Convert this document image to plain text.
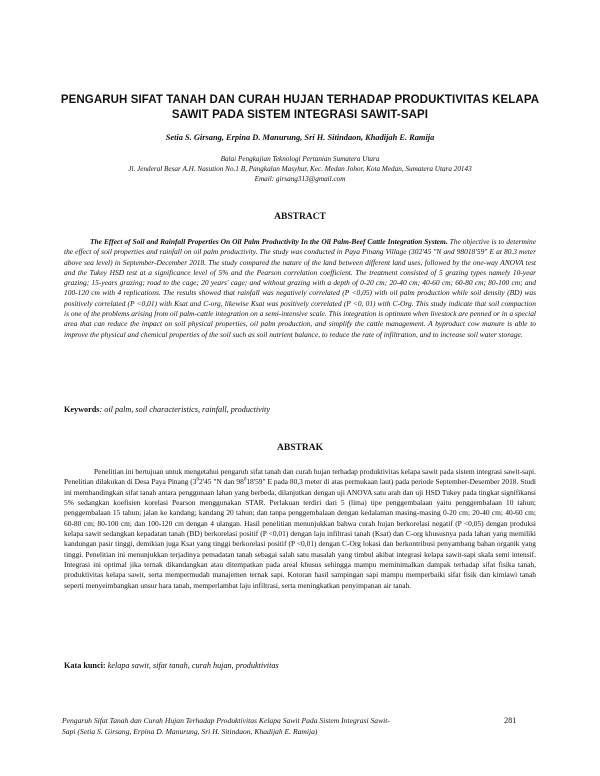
PENGARUH SIFAT TANAH DAN CURAH HUJAN TERHADAP PRODUKTIVITAS KELAPA SAWIT PADA SISTEM INTEGRASI SAWIT-SAPI
Setia S. Girsang, Erpina D. Manurung, Sri H. Sitindaon, Khadijah E. Ramija
Balai Pengkajian Teknologi Pertanian Sumatera Utara
Jl. Jenderal Besar A.H. Nasution No.1 B, Pangkalan Masyhur, Kec. Medan Johor, Kota Medan, Sumatera Utara 20143
Email: girsang313@gmail.com
ABSTRACT
The Effect of Soil and Rainfall Properties On Oil Palm Productivity In the Oil Palm-Beef Cattle Integration System. The objective is to determine the effect of soil properties and rainfall on oil palm productivity. The study was conducted in Paya Pinang Village (302'45 "N and 98018'59" E at 80.3 meter above sea level) in September-December 2018. The study compared the nature of the land between different land uses, followed by the one-way ANOVA test and the Tukey HSD test at a significance level of 5% and the Pearson correlation coefficient. The treatment consisted of 5 grazing types namely 10-year grazing; 15-years grazing; road to the cage; 20 years' cage; and without grazing with a depth of 0-20 cm; 20-40 cm; 40-60 cm; 60-80 cm; 80-100 cm; and 100-120 cm with 4 replications. The results showed that rainfall was negatively correlated (P <0,05) with oil palm production while soil density (BD) was positively correlated (P <0,01) with Ksat and C-org, likewise Ksat was positively correlated (P <0, 01) with C-Org. This study indicate that soil compaction is one of the problems arising from oil palm-cattle integration on a semi-intensive scale. This integration is optimum when livestock are penned or in a special area that can reduce the impact on soil physical properties, oil palm production, and simplify the cattle management. A byproduct cow manure is able to improve the physical and chemical properties of the soil such as soil nutrient balance, to reduce the rate of infiltration, and to increase soil water storage.
Keywords: oil palm, soil characteristics, rainfall, productivity
ABSTRAK
Penelitian ini bertujuan untuk mengetahui pengaruh sifat tanah dan curah hujan terhadap produktivitas kelapa sawit pada sistem integrasi sawit-sapi. Penelitian dilakukan di Desa Paya Pinang ($3^02'45$ "N dan $98^018'59$" E pada 80,3 meter di atas permukaan laut) pada periode September-Desember 2018. Studi ini membandingkan sifat tanah antara penggunaan lahan yang berbeda, dilanjutkan dengan uji ANOVA satu arah dan uji HSD Tukey pada tingkat signifikansi 5% sedangkan koefisien korelasi Pearson menggunakan STAR. Perlakuan terdiri dari 5 (lima) tipe penggembalaan yaitu penggembalaan 10 tahun; penggembalaan 15 tahun; jalan ke kandang; kandang 20 tahun; dan tanpa penggembalaan dengan kedalaman masing-masing 0-20 cm; 20-40 cm; 40-60 cm; 60-80 cm; 80-100 cm; dan 100-120 cm dengan 4 ulangan. Hasil penelitian menunjukkan bahwa curah hujan berkorelasi negatif (P <0,05) dengan produksi kelapa sawit sedangkan kepadatan tanah (BD) berkorelasi positif (P <0,01) dengan laju infiltrasi tanah (Ksat) dan C-org khususnya pada lahan yang memiliki kandungan pasir tinggi, demikian juga Ksat yang tinggi berkorelasi positif (P <0,01) dengan C-Org lokasi dan berkontribusi penyambang bahan organik yang tinggi. Penelitian ini menunjukkan terjadinya pemadatan tanah sebagai salah satu masalah yang timbul akibat integrasi kelapa sawit-sapi skala semi intensif. Integrasi ini optimal jika ternak dikandangkan atau ditempatkan pada areal khusus sehingga mampu meminimalkan dampak terhadap sifat fisika tanah, produktivitas kelapa sawit, serta mempermudah manajemen ternak sapi. Kotoran hasil sampingan sapi mampu memperbaiki sifat fisik dan kimiawi tanah seperti menyeimbangkan unsur hara tanah, memperlambat laju infiltrasi, serta meningkatkan penyimpanan air tanah.
Kata kunci: kelapa sawit, sifat tanah, curah hujan, produktivitas
Pengaruh Sifat Tanah dan Curah Hujan Terhadap Produktivitas Kelapa Sawit Pada Sistem Integrasi Sawit-
Sapi (Setia S. Girsang, Erpina D. Manurung, Sri H. Sitindaon, Khadijah E. Ramija)
281
